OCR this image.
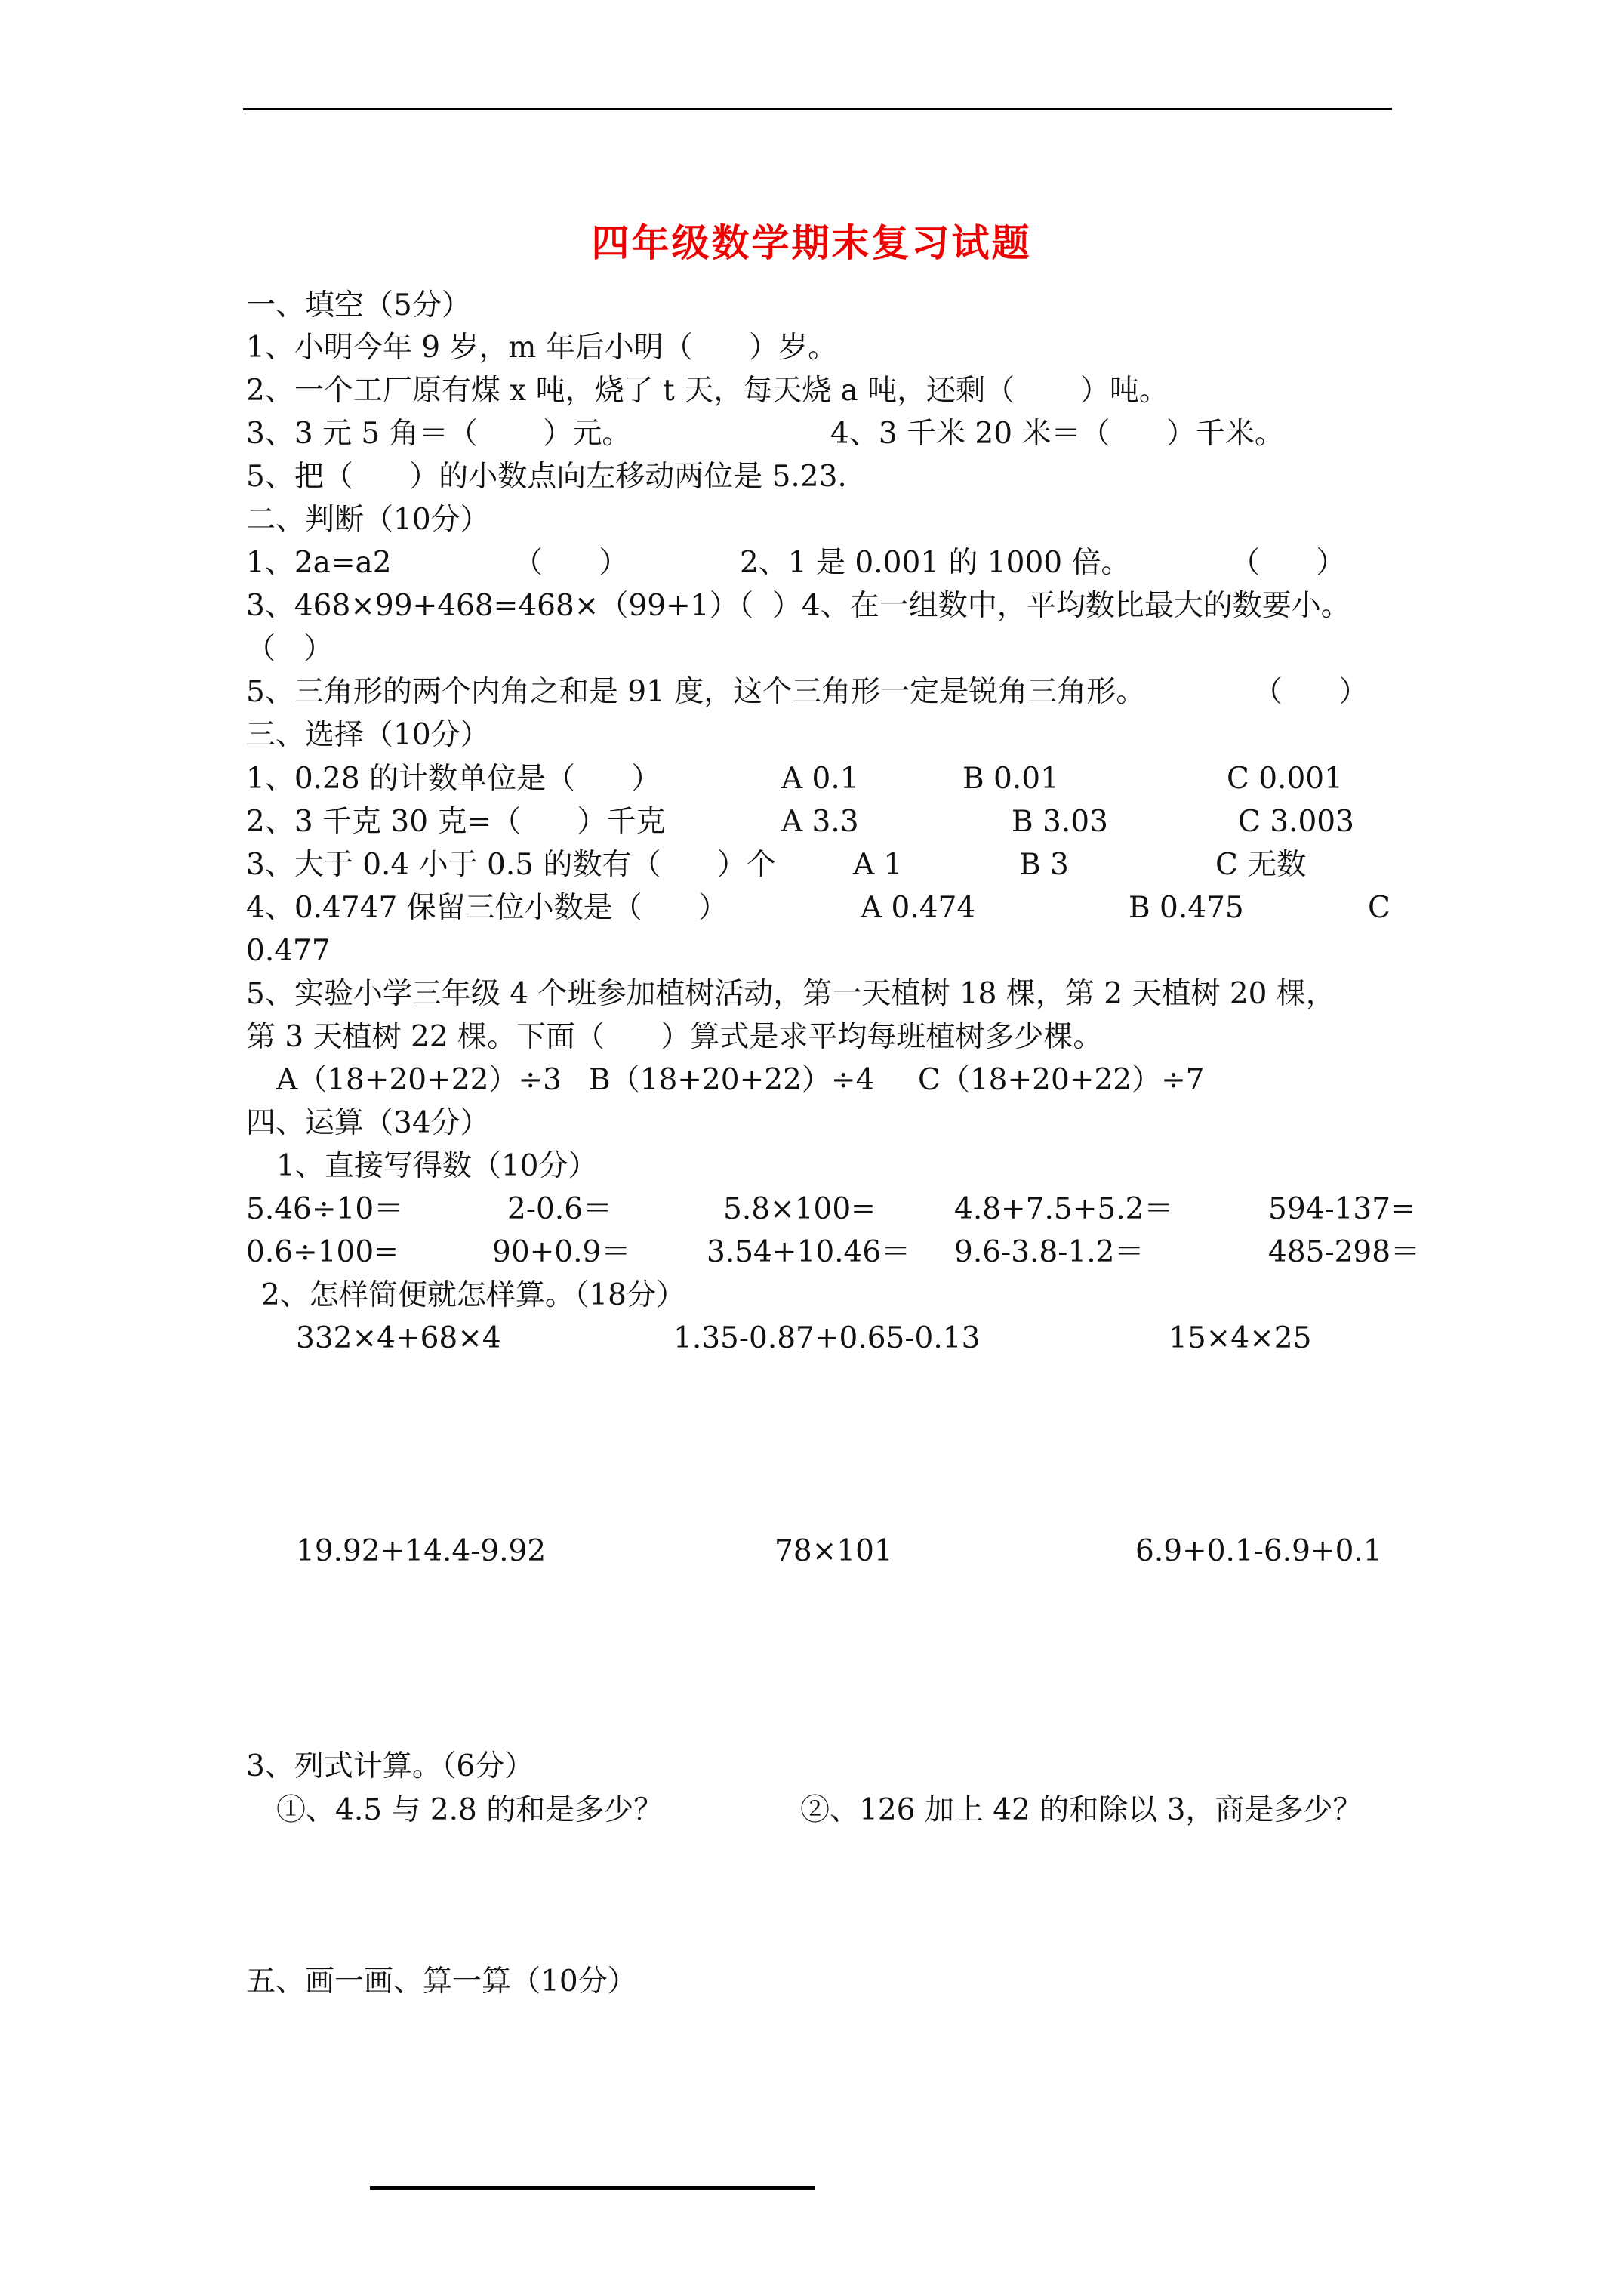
四年级数学期末复习试题
一、填空（5分）
1、小明今年 9 岁，m 年后小明（      ）岁。
2、一个工厂原有煤 x 吨，烧了 t 天，每天烧 a 吨，还剩（       ）吨。
3、3 元 5 角＝（       ）元。	4、3 千米 20 米＝（      ）千米。
5、把（      ）的小数点向左移动两位是 5.23.
二、判断（10分）
1、2a=a2	（      ）	2、1 是 0.001 的 1000 倍。	（      ）
3、468×99+468=468×（99+1）（  ）4、在一组数中，平均数比最大的数要小。
（   ）
5、三角形的两个内角之和是 91 度，这个三角形一定是锐角三角形。	（      ）
三、选择（10分）
1、0.28 的计数单位是（      ）	A 0.1	B 0.01	C 0.001
2、3 千克 30 克=（      ）千克	A 3.3	B 3.03	C 3.003
3、大于 0.4 小于 0.5 的数有（      ）个	A 1	B 3	C 无数
4、0.4747 保留三位小数是（      ）	A 0.474	B 0.475	C
0.477
5、实验小学三年级 4 个班参加植树活动，第一天植树 18 棵，第 2 天植树 20 棵，
第 3 天植树 22 棵。下面（      ）算式是求平均每班植树多少棵。
A（18+20+22）÷3 B（18+20+22）÷4 C（18+20+22）÷7
四、运算（34分）
1、直接写得数（10分）
5.46÷10＝	2-0.6＝	5.8×100=	4.8+7.5+5.2＝	594-137=
0.6÷100=	90+0.9＝	3.54+10.46＝ 9.6-3.8-1.2＝	485-298＝
2、怎样简便就怎样算。（18分）
332×4+68×4	1.35-0.87+0.65-0.13	15×4×25
19.92+14.4-9.92	78×101	6.9+0.1-6.9+0.1
3、列式计算。（6分）
①、4.5 与 2.8 的和是多少？	②、126 加上 42 的和除以 3，商是多少？
五、画一画、算一算（10分）
